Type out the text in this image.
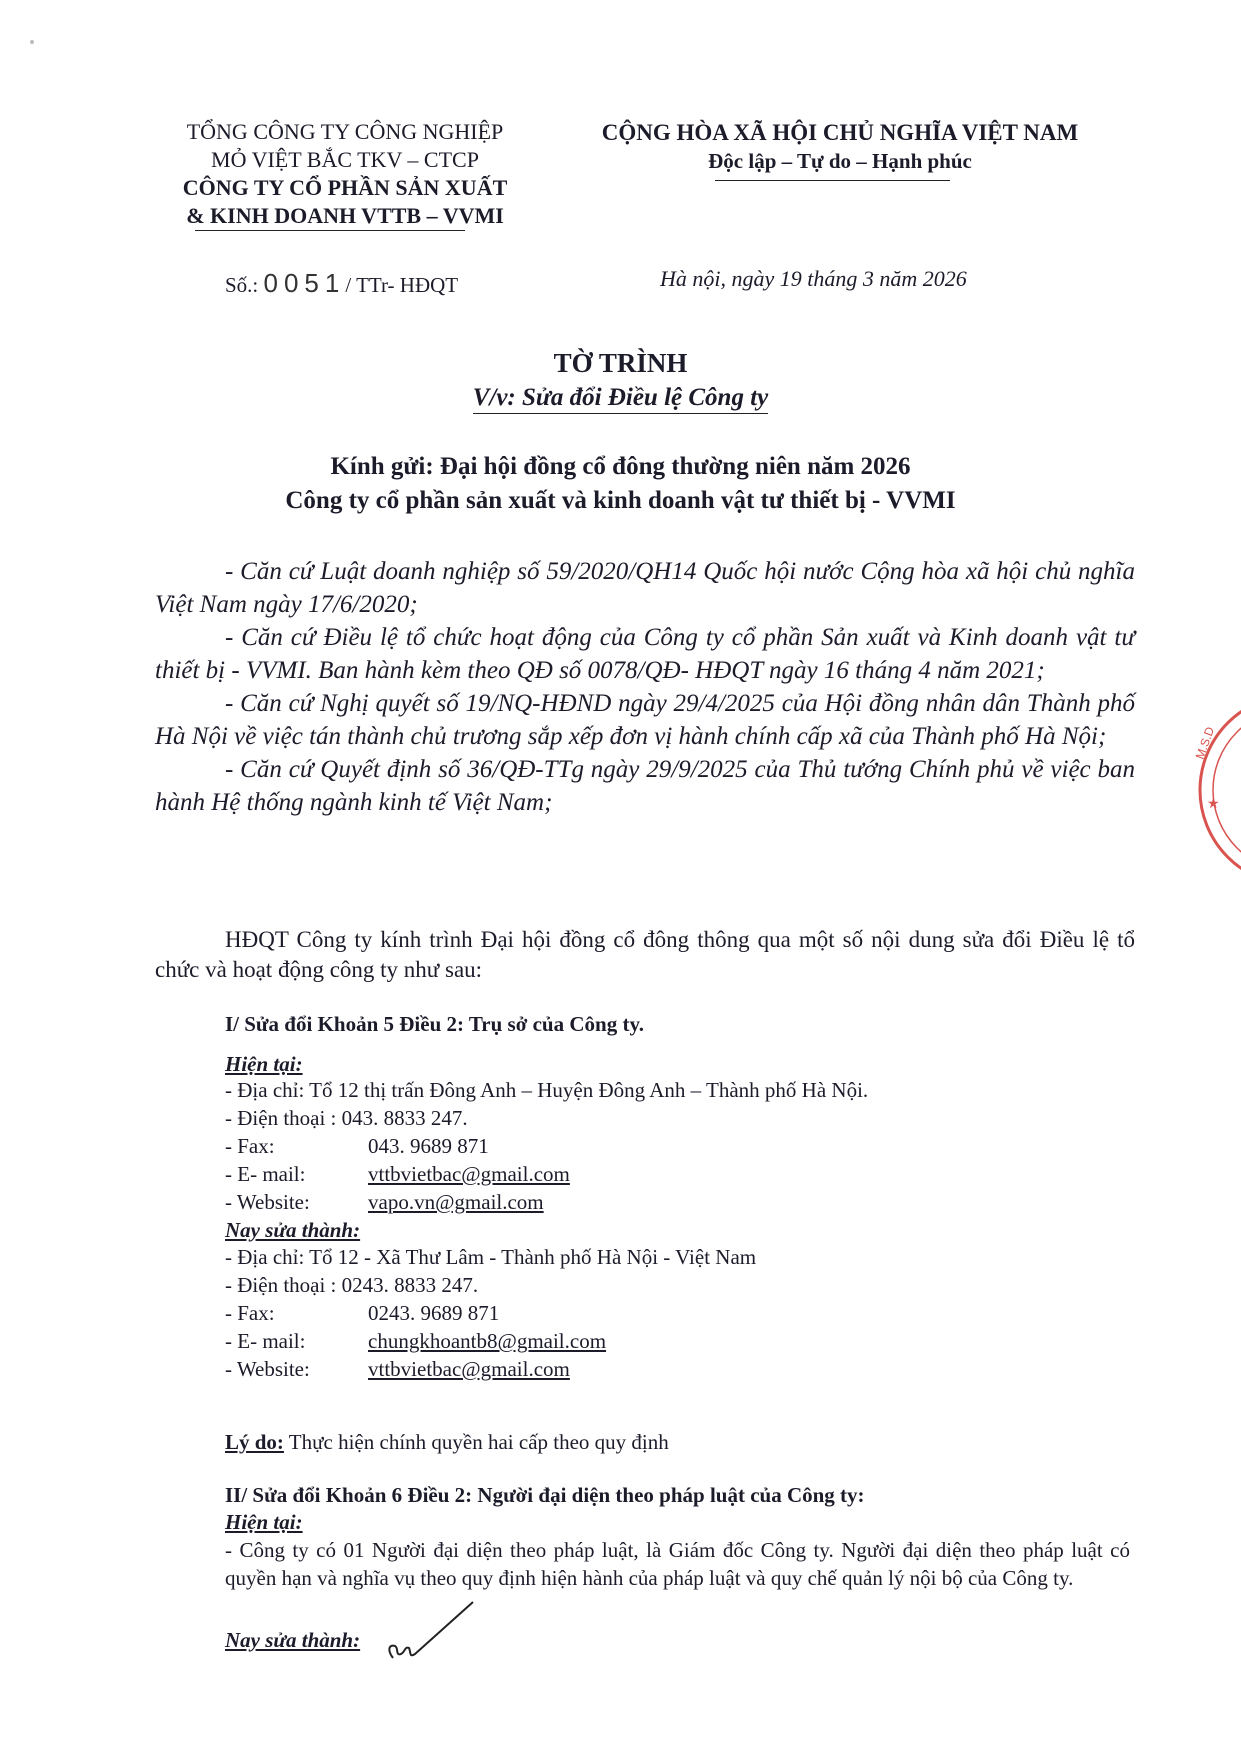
TỔNG CÔNG TY CÔNG NGHIỆP
MỎ VIỆT BẮC TKV – CTCP
CÔNG TY CỔ PHẦN SẢN XUẤT
& KINH DOANH VTTB – VVMI
CỘNG HÒA XÃ HỘI CHỦ NGHĨA VIỆT NAM
Độc lập – Tự do – Hạnh phúc
Số.: 0051/ TTr- HĐQT	Hà nội, ngày 19 tháng 3 năm 2026
TỜ TRÌNH
V/v: Sửa đổi Điều lệ Công ty
Kính gửi: Đại hội đồng cổ đông thường niên năm 2026
Công ty cổ phần sản xuất và kinh doanh vật tư thiết bị - VVMI

- Căn cứ Luật doanh nghiệp số 59/2020/QH14 Quốc hội nước Cộng hòa xã hội chủ nghĩa Việt Nam ngày 17/6/2020;

- Căn cứ Điều lệ tổ chức hoạt động của Công ty cổ phần Sản xuất và Kinh doanh vật tư thiết bị - VVMI. Ban hành kèm theo QĐ số 0078/QĐ- HĐQT ngày 16 tháng 4 năm 2021;

- Căn cứ Nghị quyết số 19/NQ-HĐND ngày 29/4/2025 của Hội đồng nhân dân Thành phố Hà Nội về việc tán thành chủ trương sắp xếp đơn vị hành chính cấp xã của Thành phố Hà Nội;

- Căn cứ Quyết định số 36/QĐ-TTg ngày 29/9/2025 của Thủ tướng Chính phủ về việc ban hành Hệ thống ngành kinh tế Việt Nam;

HĐQT Công ty kính trình Đại hội đồng cổ đông thông qua một số nội dung sửa đổi Điều lệ tổ chức và hoạt động công ty như sau:
I/ Sửa đổi Khoản 5 Điều 2: Trụ sở của Công ty.
Hiện tại:
- Địa chỉ: Tổ 12 thị trấn Đông Anh – Huyện Đông Anh – Thành phố Hà Nội.
- Điện thoại : 043. 8833 247.
- Fax:	043. 9689 871
- E- mail:	vttbvietbac@gmail.com
- Website:	vapo.vn@gmail.com
Nay sửa thành:
- Địa chỉ: Tổ 12 - Xã Thư Lâm - Thành phố Hà Nội - Việt Nam
- Điện thoại : 0243. 8833 247.
- Fax:	0243. 9689 871
- E- mail:	chungkhoantb8@gmail.com
- Website:	vttbvietbac@gmail.com
Lý do: Thực hiện chính quyền hai cấp theo quy định
II/ Sửa đổi Khoản 6 Điều 2: Người đại diện theo pháp luật của Công ty:
Hiện tại:
- Công ty có 01 Người đại diện theo pháp luật, là Giám đốc Công ty. Người đại diện theo pháp luật có quyền hạn và nghĩa vụ theo quy định hiện hành của pháp luật và quy chế quản lý nội bộ của Công ty.
Nay sửa thành:
M.S.D
★
